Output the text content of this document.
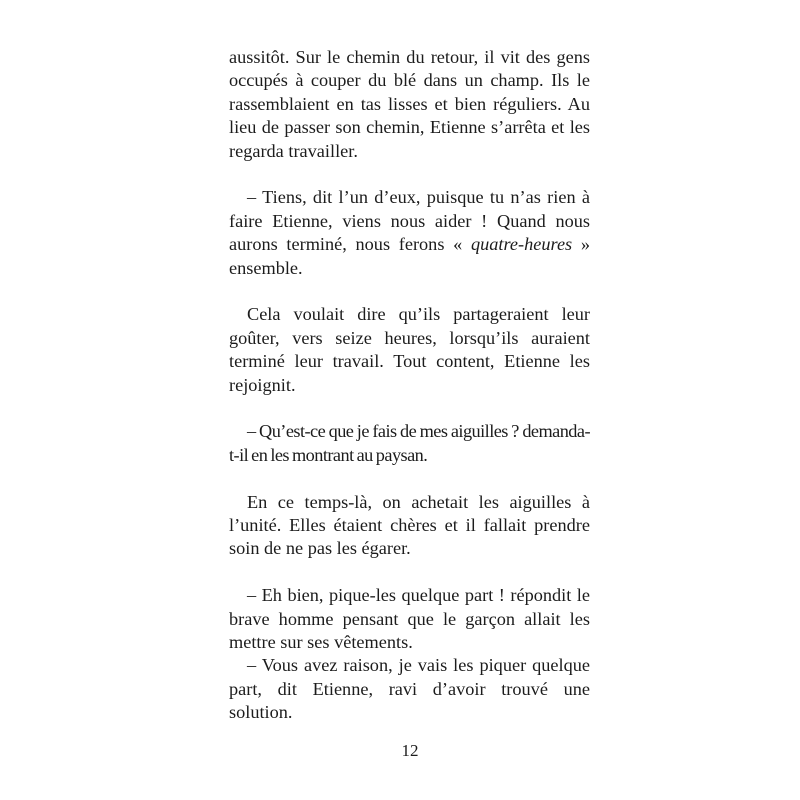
aussitôt. Sur le chemin du retour, il vit des gens occupés à couper du blé dans un champ. Ils le rassemblaient en tas lisses et bien réguliers. Au lieu de passer son chemin, Etienne s’arrêta et les regarda travailler.

– Tiens, dit l’un d’eux, puisque tu n’as rien à faire Etienne, viens nous aider ! Quand nous aurons terminé, nous ferons « quatre-heures » ensemble.

Cela voulait dire qu’ils partageraient leur goûter, vers seize heures, lorsqu’ils auraient terminé leur travail. Tout content, Etienne les rejoignit.

– Qu’est-ce que je fais de mes aiguilles ? demanda-t-il en les montrant au paysan.

En ce temps-là, on achetait les aiguilles à l’unité. Elles étaient chères et il fallait prendre soin de ne pas les égarer.

– Eh bien, pique-les quelque part ! répondit le brave homme pensant que le garçon allait les mettre sur ses vêtements.

– Vous avez raison, je vais les piquer quelque part, dit Etienne, ravi d’avoir trouvé une solution.

12
